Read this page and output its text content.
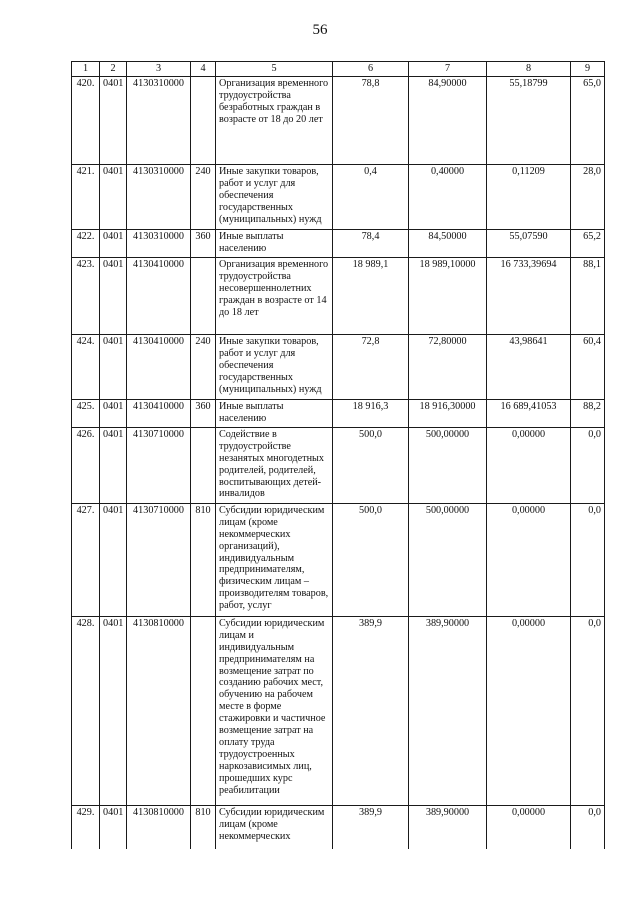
56
1	2	3	4	5	6	7	8	9
420.	0401	4130310000		Организация временного трудоустройства безработных граждан в возрасте от 18 до 20 лет	78,8	84,90000	55,18799	65,0
421.	0401	4130310000	240	Иные закупки товаров, работ и услуг для обеспечения государственных (муниципальных) нужд	0,4	0,40000	0,11209	28,0
422.	0401	4130310000	360	Иные выплаты населению	78,4	84,50000	55,07590	65,2
423.	0401	4130410000		Организация временного трудоустройства несовершеннолетних граждан в возрасте от 14 до 18 лет	18 989,1	18 989,10000	16 733,39694	88,1
424.	0401	4130410000	240	Иные закупки товаров, работ и услуг для обеспечения государственных (муниципальных) нужд	72,8	72,80000	43,98641	60,4
425.	0401	4130410000	360	Иные выплаты населению	18 916,3	18 916,30000	16 689,41053	88,2
426.	0401	4130710000		Содействие в трудоустройстве незанятых многодетных родителей, родителей, воспитывающих детей-инвалидов	500,0	500,00000	0,00000	0,0
427.	0401	4130710000	810	Субсидии юридическим лицам (кроме некоммерческих организаций), индивидуальным предпринимателям, физическим лицам – производителям товаров, работ, услуг	500,0	500,00000	0,00000	0,0
428.	0401	4130810000		Субсидии юридическим лицам и индивидуальным предпринимателям на возмещение затрат по созданию рабочих мест, обучению на рабочем месте в форме стажировки и частичное возмещение затрат на оплату труда трудоустроенных наркозависимых лиц, прошедших курс реабилитации	389,9	389,90000	0,00000	0,0
429.	0401	4130810000	810	Субсидии юридическим лицам (кроме некоммерческих	389,9	389,90000	0,00000	0,0
